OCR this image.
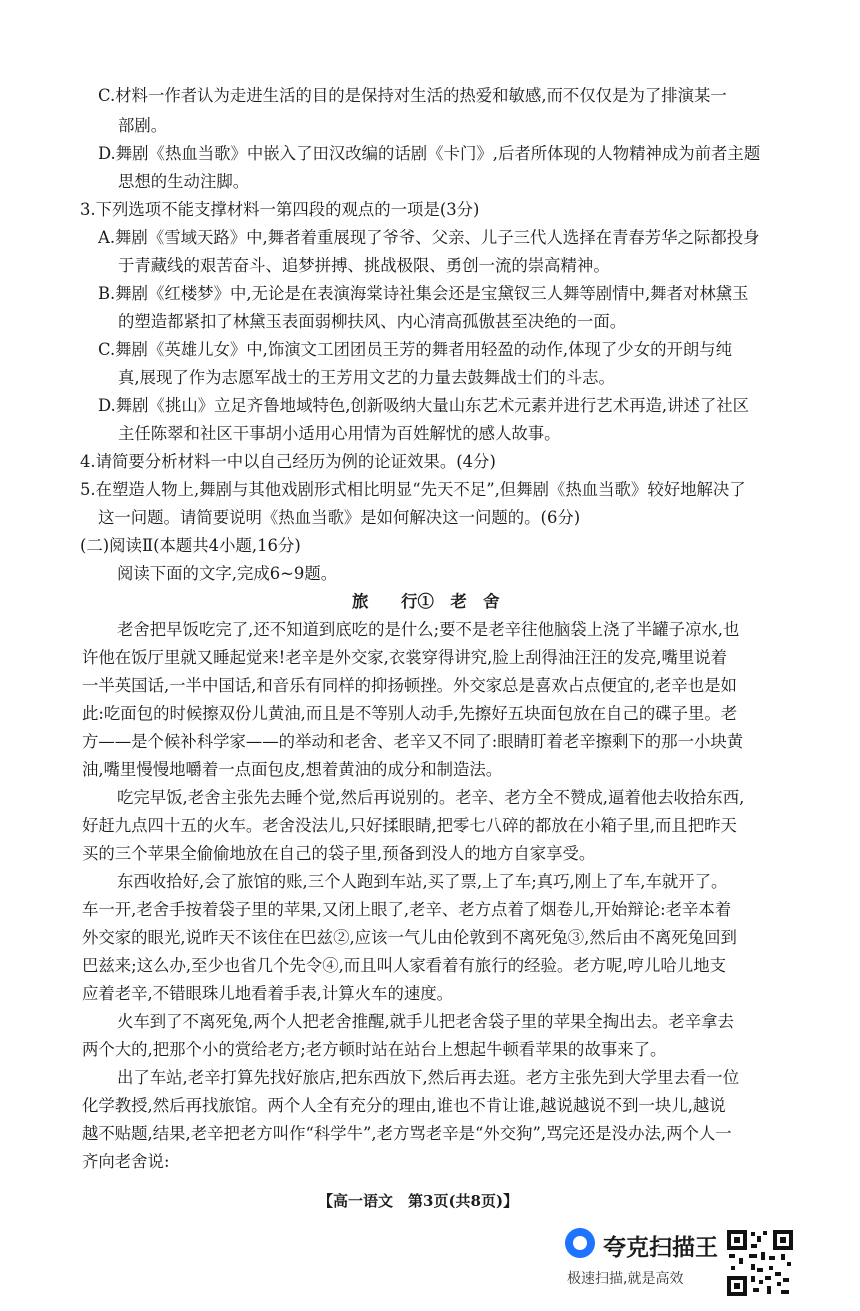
C.材料一作者认为走进生活的目的是保持对生活的热爱和敏感,而不仅仅是为了排演某一
部剧。
D.舞剧《热血当歌》中嵌入了田汉改编的话剧《卡门》,后者所体现的人物精神成为前者主题
思想的生动注脚。
3.下列选项不能支撑材料一第四段的观点的一项是(3分)
A.舞剧《雪域天路》中,舞者着重展现了爷爷、父亲、儿子三代人选择在青春芳华之际都投身
于青藏线的艰苦奋斗、追梦拼搏、挑战极限、勇创一流的崇高精神。
B.舞剧《红楼梦》中,无论是在表演海棠诗社集会还是宝黛钗三人舞等剧情中,舞者对林黛玉
的塑造都紧扣了林黛玉表面弱柳扶风、内心清高孤傲甚至决绝的一面。
C.舞剧《英雄儿女》中,饰演文工团团员王芳的舞者用轻盈的动作,体现了少女的开朗与纯
真,展现了作为志愿军战士的王芳用文艺的力量去鼓舞战士们的斗志。
D.舞剧《挑山》立足齐鲁地域特色,创新吸纳大量山东艺术元素并进行艺术再造,讲述了社区
主任陈翠和社区干事胡小适用心用情为百姓解忧的感人故事。
4.请简要分析材料一中以自己经历为例的论证效果。(4分)
5.在塑造人物上,舞剧与其他戏剧形式相比明显“先天不足”,但舞剧《热血当歌》较好地解决了
这一问题。请简要说明《热血当歌》是如何解决这一问题的。(6分)
(二)阅读Ⅱ(本题共4小题,16分)
阅读下面的文字,完成6~9题。
旅　　行①　老　舍
老舍把早饭吃完了,还不知道到底吃的是什么;要不是老辛往他脑袋上浇了半罐子凉水,也
许他在饭厅里就又睡起觉来!老辛是外交家,衣裳穿得讲究,脸上刮得油汪汪的发亮,嘴里说着
一半英国话,一半中国话,和音乐有同样的抑扬顿挫。外交家总是喜欢占点便宜的,老辛也是如
此:吃面包的时候擦双份儿黄油,而且是不等别人动手,先擦好五块面包放在自己的碟子里。老
方——是个候补科学家——的举动和老舍、老辛又不同了:眼睛盯着老辛擦剩下的那一小块黄
油,嘴里慢慢地嚼着一点面包皮,想着黄油的成分和制造法。
吃完早饭,老舍主张先去睡个觉,然后再说别的。老辛、老方全不赞成,逼着他去收拾东西,
好赶九点四十五的火车。老舍没法儿,只好揉眼睛,把零七八碎的都放在小箱子里,而且把昨天
买的三个苹果全偷偷地放在自己的袋子里,预备到没人的地方自家享受。
东西收拾好,会了旅馆的账,三个人跑到车站,买了票,上了车;真巧,刚上了车,车就开了。
车一开,老舍手按着袋子里的苹果,又闭上眼了,老辛、老方点着了烟卷儿,开始辩论:老辛本着
外交家的眼光,说昨天不该住在巴兹②,应该一气儿由伦敦到不离死兔③,然后由不离死兔回到
巴兹来;这么办,至少也省几个先令④,而且叫人家看着有旅行的经验。老方呢,哼儿哈儿地支
应着老辛,不错眼珠儿地看着手表,计算火车的速度。
火车到了不离死兔,两个人把老舍推醒,就手儿把老舍袋子里的苹果全掏出去。老辛拿去
两个大的,把那个小的赏给老方;老方顿时站在站台上想起牛顿看苹果的故事来了。
出了车站,老辛打算先找好旅店,把东西放下,然后再去逛。老方主张先到大学里去看一位
化学教授,然后再找旅馆。两个人全有充分的理由,谁也不肯让谁,越说越说不到一块儿,越说
越不贴题,结果,老辛把老方叫作“科学牛”,老方骂老辛是“外交狗”,骂完还是没办法,两个人一
齐向老舍说:
【高一语文　第3页(共8页)】
夸克扫描王
极速扫描,就是高效
